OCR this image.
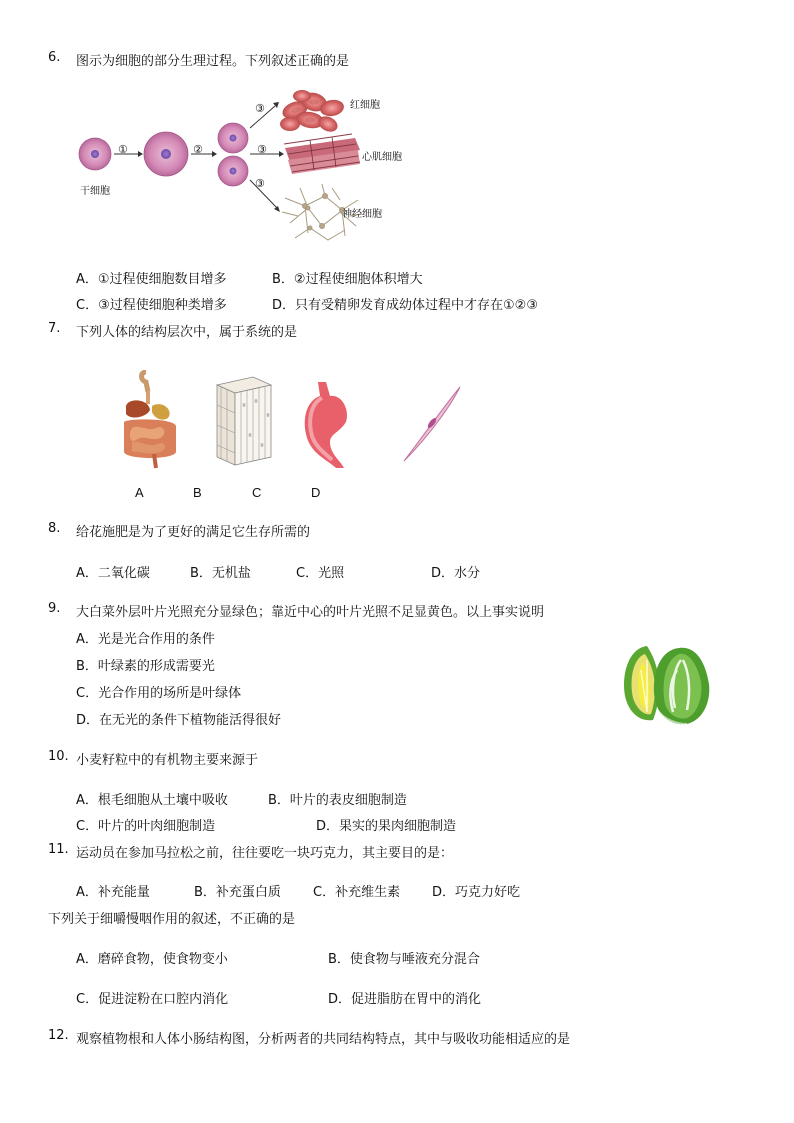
6. 图示为细胞的部分生理过程。下列叙述正确的是
干细胞
①	②
③
③
③
红细胞
心肌细胞
神经细胞
A．①过程使细胞数目增多	B．②过程使细胞体积增大
C．③过程使细胞种类增多	D．只有受精卵发育成幼体过程中才存在①②③
7. 下列人体的结构层次中，属于系统的是
A	B	C	D
8. 给花施肥是为了更好的满足它生存所需的
A．二氧化碳	B．无机盐	C．光照	D．水分
9. 大白菜外层叶片光照充分显绿色；靠近中心的叶片光照不足显黄色。以上事实说明
A．光是光合作用的条件
B．叶绿素的形成需要光
C．光合作用的场所是叶绿体
D．在无光的条件下植物能活得很好
10. 小麦籽粒中的有机物主要来源于
A．根毛细胞从土壤中吸收	B．叶片的表皮细胞制造
C．叶片的叶肉细胞制造	D．果实的果肉细胞制造
11. 运动员在参加马拉松之前，往往要吃一块巧克力，其主要目的是：
A．补充能量	B．补充蛋白质 C．补充维生素 D．巧克力好吃
下列关于细嚼慢咽作用的叙述，不正确的是
A．磨碎食物，使食物变小	B．使食物与唾液充分混合
C．促进淀粉在口腔内消化	D．促进脂肪在胃中的消化
12. 观察植物根和人体小肠结构图，分析两者的共同结构特点，其中与吸收功能相适应的是
